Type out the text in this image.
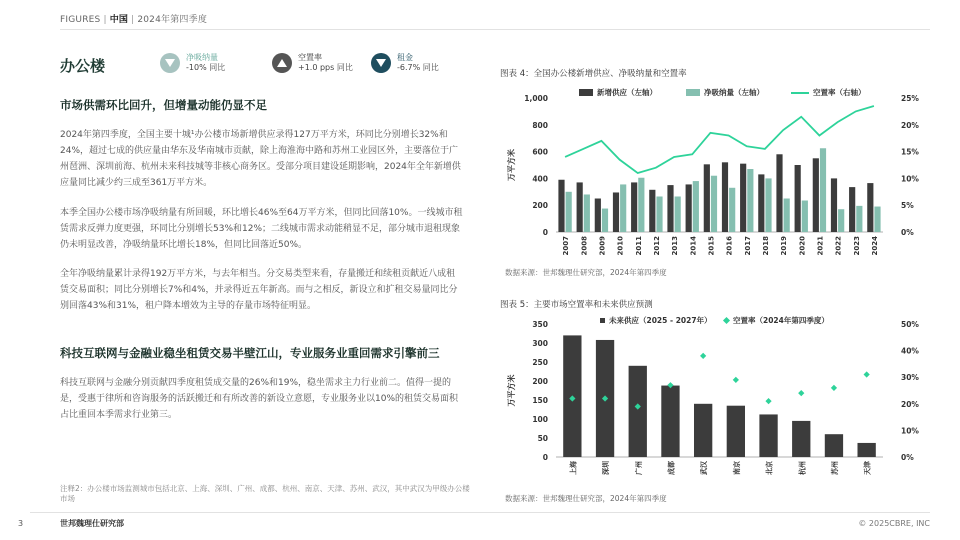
FIGURES | 中国 | 2024年第四季度
办公楼	净吸纳量
-10% 同比
空置率
+1.0 pps 同比
租金
-6.7% 同比
市场供需环比回升，但增量动能仍显不足
2024年第四季度，全国主要十城¹办公楼市场新增供应录得127万平方米，环同比分别增长32%和24%，超过七成的供应量由华东及华南城市贡献，除上海淮海中路和苏州工业园区外，主要落位于广州琶洲、深圳前海、杭州未来科技城等非核心商务区。受部分项目建设延期影响，2024年全年新增供应量同比减少约三成至361万平方米。
本季全国办公楼市场净吸纳量有所回暖，环比增长46%至64万平方米，但同比回落10%。一线城市租赁需求反弹力度更强，环同比分别增长53%和12%；二线城市需求动能稍显不足，部分城市退租现象仍未明显改善，净吸纳量环比增长18%，但同比回落近50%。
全年净吸纳量累计录得192万平方米，与去年相当。分交易类型来看，存量搬迁和续租贡献近八成租赁交易面积；同比分别增长7%和4%，并录得近五年新高。而与之相反，新设立和扩租交易量同比分别回落43%和31%，租户降本增效为主导的存量市场特征明显。
科技互联网与金融业稳坐租赁交易半壁江山，专业服务业重回需求引擎前三
科技互联网与金融分别贡献四季度租赁成交量的26%和19%，稳坐需求主力行业前二。值得一提的是，受惠于律所和咨询服务的活跃搬迁和有所改善的新设立意愿，专业服务业以10%的租赁交易面积占比重回本季需求行业第三。
注释2：办公楼市场监测城市包括北京、上海、深圳、广州、成都、杭州、南京、天津、苏州、武汉，其中武汉为甲级办公楼市场
图表 4：全国办公楼新增供应、净吸纳量和空置率
新增供应（左轴）	净吸纳量（左轴）	空置率（右轴）
0
200
400
600
800
1,000
0%
5%
10%
15%
20%
25%
万平方米
2007 2008 2009 2010 2011 2012 2013 2014 2015 2016 2017 2018 2019 2020 2021 2022 2023 2024
数据来源：世邦魏理仕研究部，2024年第四季度
图表 5：主要市场空置率和未来供应预测
未来供应（2025 - 2027年）	空置率（2024年第四季度）
0
50
100
150
200
250
300
350
0%
10%
20%
30%
40%
50%
万平方米
上海	深圳	广州	成都	武汉	南京	北京	杭州	苏州	天津
数据来源：世邦魏理仕研究部，2024年第四季度
3	世邦魏理仕研究部	© 2025CBRE, INC
